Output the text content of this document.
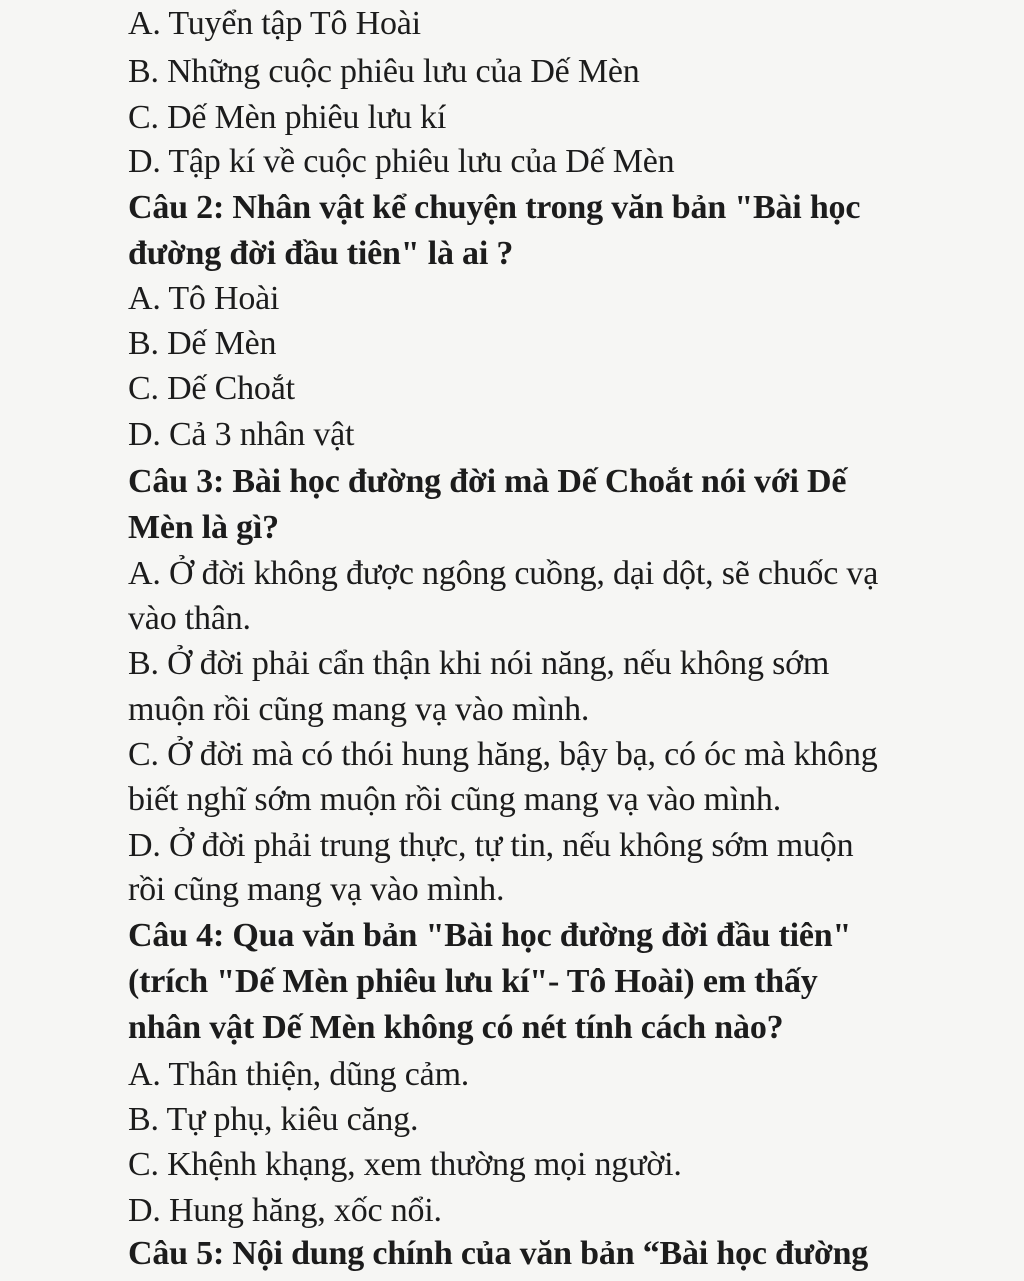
A. Tuyển tập Tô Hoài
B. Những cuộc phiêu lưu của Dế Mèn
C. Dế Mèn phiêu lưu kí
D. Tập kí về cuộc phiêu lưu của Dế Mèn
Câu 2: Nhân vật kể chuyện trong văn bản "Bài học
đường đời đầu tiên" là ai ?
A. Tô Hoài
B. Dế Mèn
C. Dế Choắt
D. Cả 3 nhân vật
Câu 3: Bài học đường đời mà Dế Choắt nói với Dế
Mèn là gì?
A. Ở đời không được ngông cuồng, dại dột, sẽ chuốc vạ
vào thân.
B. Ở đời phải cẩn thận khi nói năng, nếu không sớm
muộn rồi cũng mang vạ vào mình.
C. Ở đời mà có thói hung hăng, bậy bạ, có óc mà không
biết nghĩ sớm muộn rồi cũng mang vạ vào mình.
D. Ở đời phải trung thực, tự tin, nếu không sớm muộn
rồi cũng mang vạ vào mình.
Câu 4: Qua văn bản "Bài học đường đời đầu tiên"
(trích "Dế Mèn phiêu lưu kí"- Tô Hoài) em thấy
nhân vật Dế Mèn không có nét tính cách nào?
A. Thân thiện, dũng cảm.
B. Tự phụ, kiêu căng.
C. Khệnh khạng, xem thường mọi người.
D. Hung hăng, xốc nổi.
Câu 5: Nội dung chính của văn bản “Bài học đường
